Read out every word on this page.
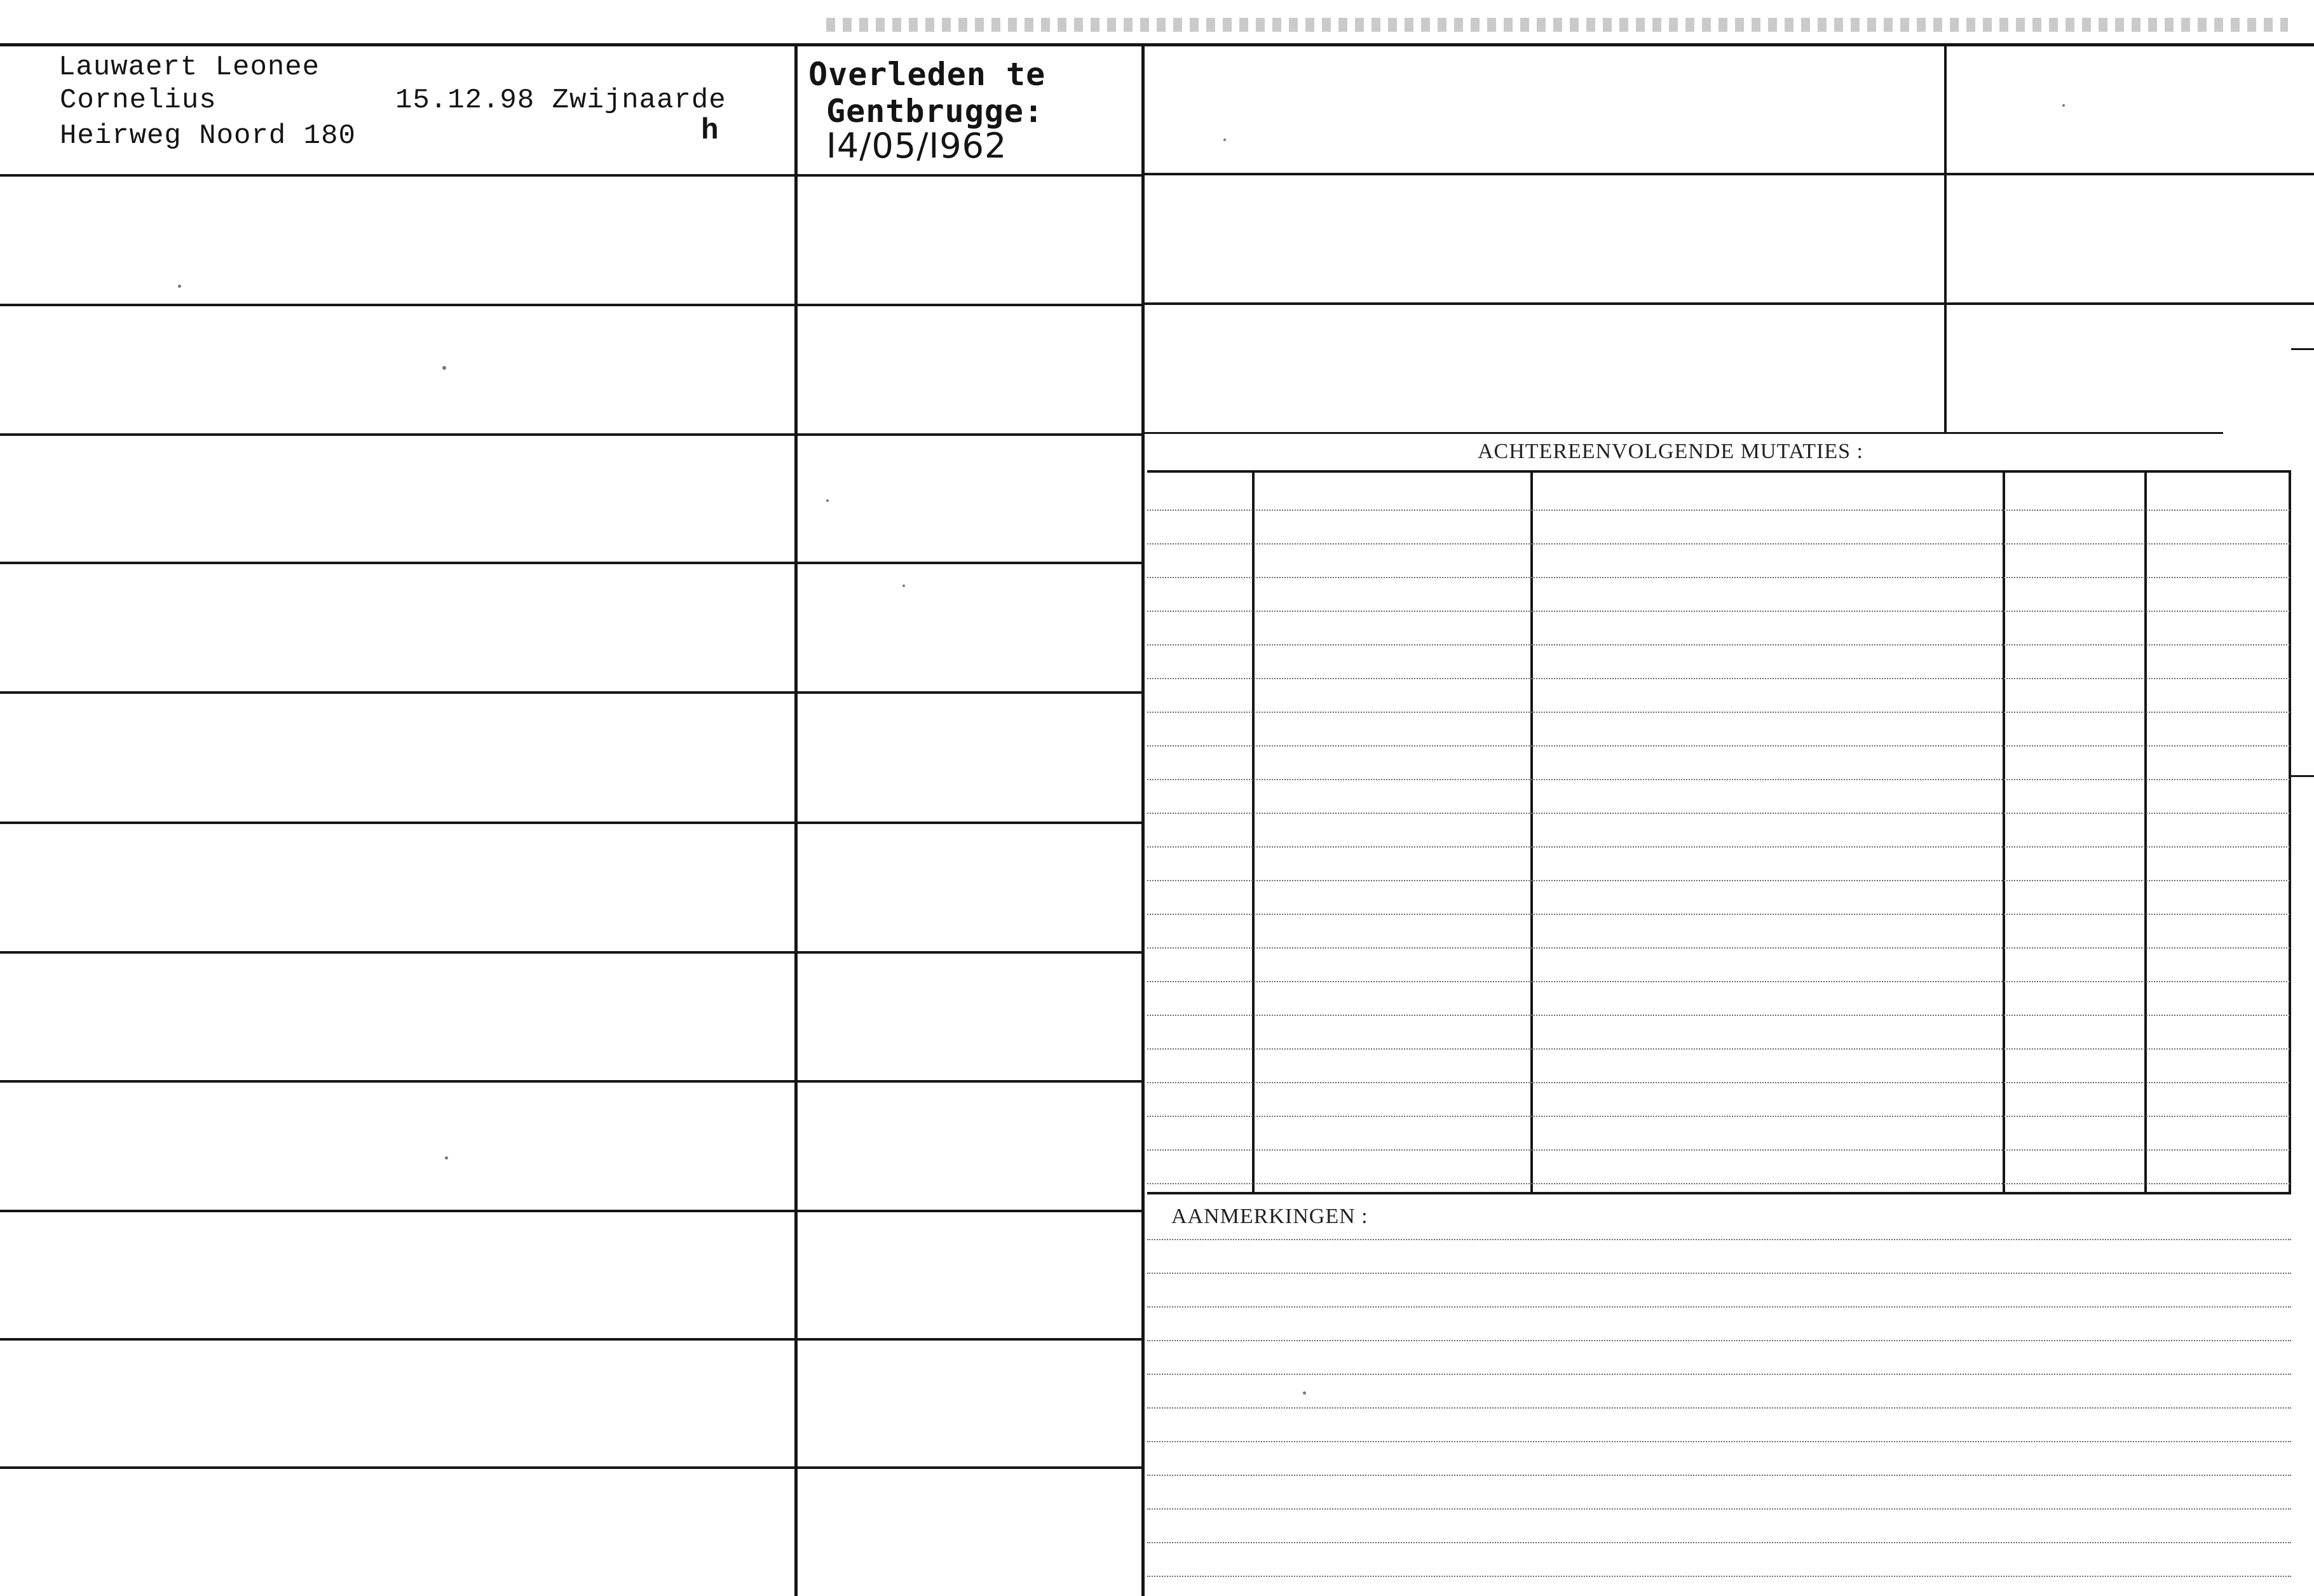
ACHTEREENVOLGENDE MUTATIES :
AANMERKINGEN :
Lauwaert Leonee
Cornelius
Heirweg Noord 180
15.12.98 Zwijnaarde
h
Overleden te
Gentbrugge:
I4/05/I962
